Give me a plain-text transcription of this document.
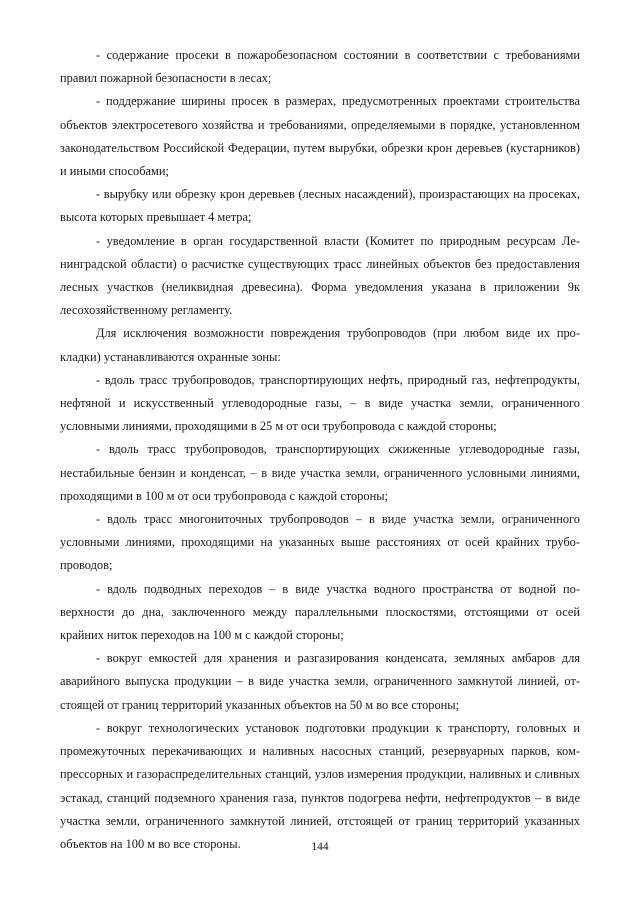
- содержание просеки в пожаробезопасном состоянии в соответствии с требованиями правил пожарной безопасности в лесах;

- поддержание ширины просек в размерах, предусмотренных проектами строительства объектов электросетевого хозяйства и требованиями, определяемыми в порядке, установленном законодательством Российской Федерации, путем вырубки, обрезки крон деревьев (кустарников) и иными способами;

- вырубку или обрезку крон деревьев (лесных насаждений), произрастающих на просеках, высота которых превышает 4 метра;

- уведомление в орган государственной власти (Комитет по природным ресурсам Ленинградской области) о расчистке существующих трасс линейных объектов без предоставления лесных участков (неликвидная древесина). Форма уведомления указана в приложении 9к лесохозяйственному регламенту.

Для исключения возможности повреждения трубопроводов (при любом виде их прокладки) устанавливаются охранные зоны:

- вдоль трасс трубопроводов, транспортирующих нефть, природный газ, нефтепродукты, нефтяной и искусственный углеводородные газы, – в виде участка земли, ограниченного условными линиями, проходящими в 25 м от оси трубопровода с каждой стороны;

- вдоль трасс трубопроводов, транспортирующих сжиженные углеводородные газы, нестабильные бензин и конденсат, – в виде участка земли, ограниченного условными линиями, проходящими в 100 м от оси трубопровода с каждой стороны;

- вдоль трасс многониточных трубопроводов – в виде участка земли, ограниченного условными линиями, проходящими на указанных выше расстояниях от осей крайних трубопроводов;

- вдоль подводных переходов – в виде участка водного пространства от водной поверхности до дна, заключенного между параллельными плоскостями, отстоящими от осей крайних ниток переходов на 100 м с каждой стороны;

- вокруг емкостей для хранения и разгазирования конденсата, земляных амбаров для аварийного выпуска продукции – в виде участка земли, ограниченного замкнутой линией, отстоящей от границ территорий указанных объектов на 50 м во все стороны;

- вокруг технологических установок подготовки продукции к транспорту, головных и промежуточных перекачивающих и наливных насосных станций, резервуарных парков, компрессорных и газораспределительных станций, узлов измерения продукции, наливных и сливных эстакад, станций подземного хранения газа, пунктов подогрева нефти, нефтепродуктов – в виде участка земли, ограниченного замкнутой линией, отстоящей от границ территорий указанных объектов на 100 м во все стороны.	144
